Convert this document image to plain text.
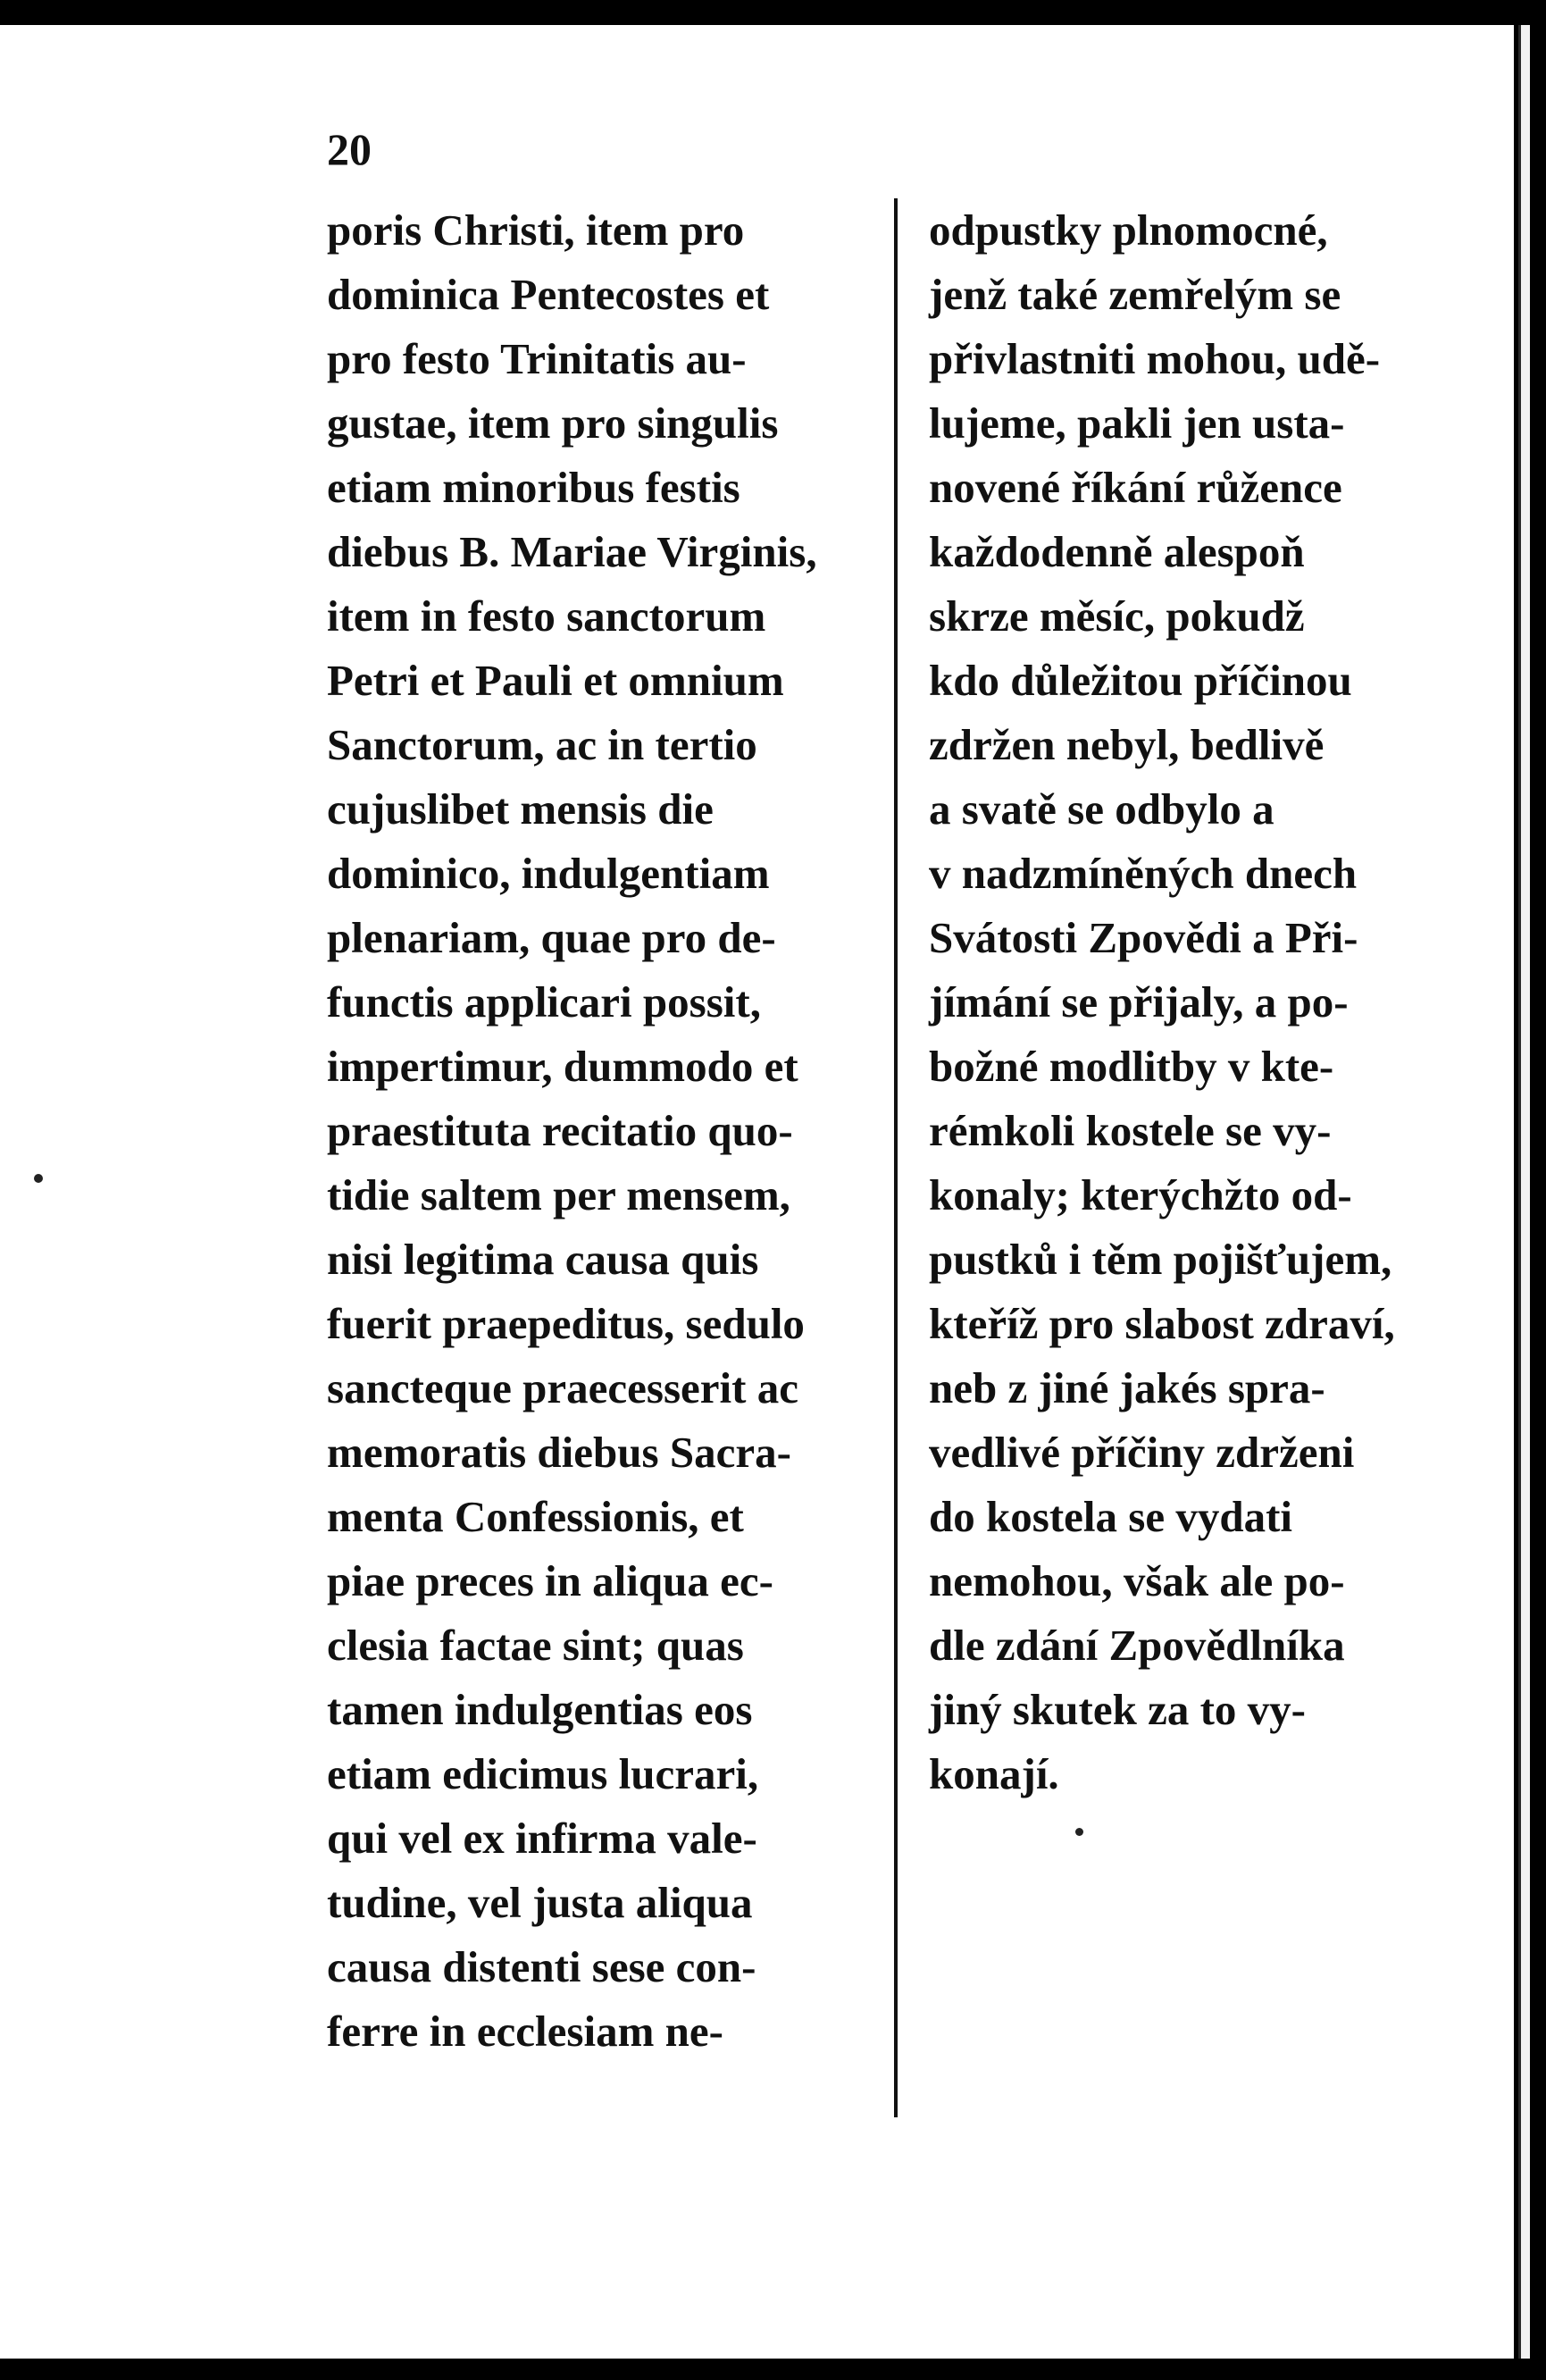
20
poris Christi, item pro
dominica Pentecostes et
pro festo Trinitatis au-
gustae, item pro singulis
etiam minoribus festis
diebus B. Mariae Virginis,
item in festo sanctorum
Petri et Pauli et omnium
Sanctorum, ac in tertio
cujuslibet mensis die
dominico, indulgentiam
plenariam, quae pro de-
functis applicari possit,
impertimur, dummodo et
praestituta recitatio quo-
tidie saltem per mensem,
nisi legitima causa quis
fuerit praepeditus, sedulo
sancteque praecesserit ac
memoratis diebus Sacra-
menta Confessionis, et
piae preces in aliqua ec-
clesia factae sint; quas
tamen indulgentias eos
etiam edicimus lucrari,
qui vel ex infirma vale-
tudine, vel justa aliqua
causa distenti sese con-
ferre in ecclesiam ne-
odpustky plnomocné,
jenž také zemřelým se
přivlastniti mohou, udě-
lujeme, pakli jen usta-
novené říkání růžence
každodenně alespoň
skrze měsíc, pokudž
kdo důležitou příčinou
zdržen nebyl, bedlivě
a svatě se odbylo a
v nadzmíněných dnech
Svátosti Zpovědi a Při-
jímání se přijaly, a po-
božné modlitby v kte-
rémkoli kostele se vy-
konaly; kterýchžto od-
pustků i těm pojišťujem,
kteříž pro slabost zdraví,
neb z jiné jakés spra-
vedlivé příčiny zdrženi
do kostela se vydati
nemohou, však ale po-
dle zdání Zpovědlníka
jiný skutek za to vy-
konají.
